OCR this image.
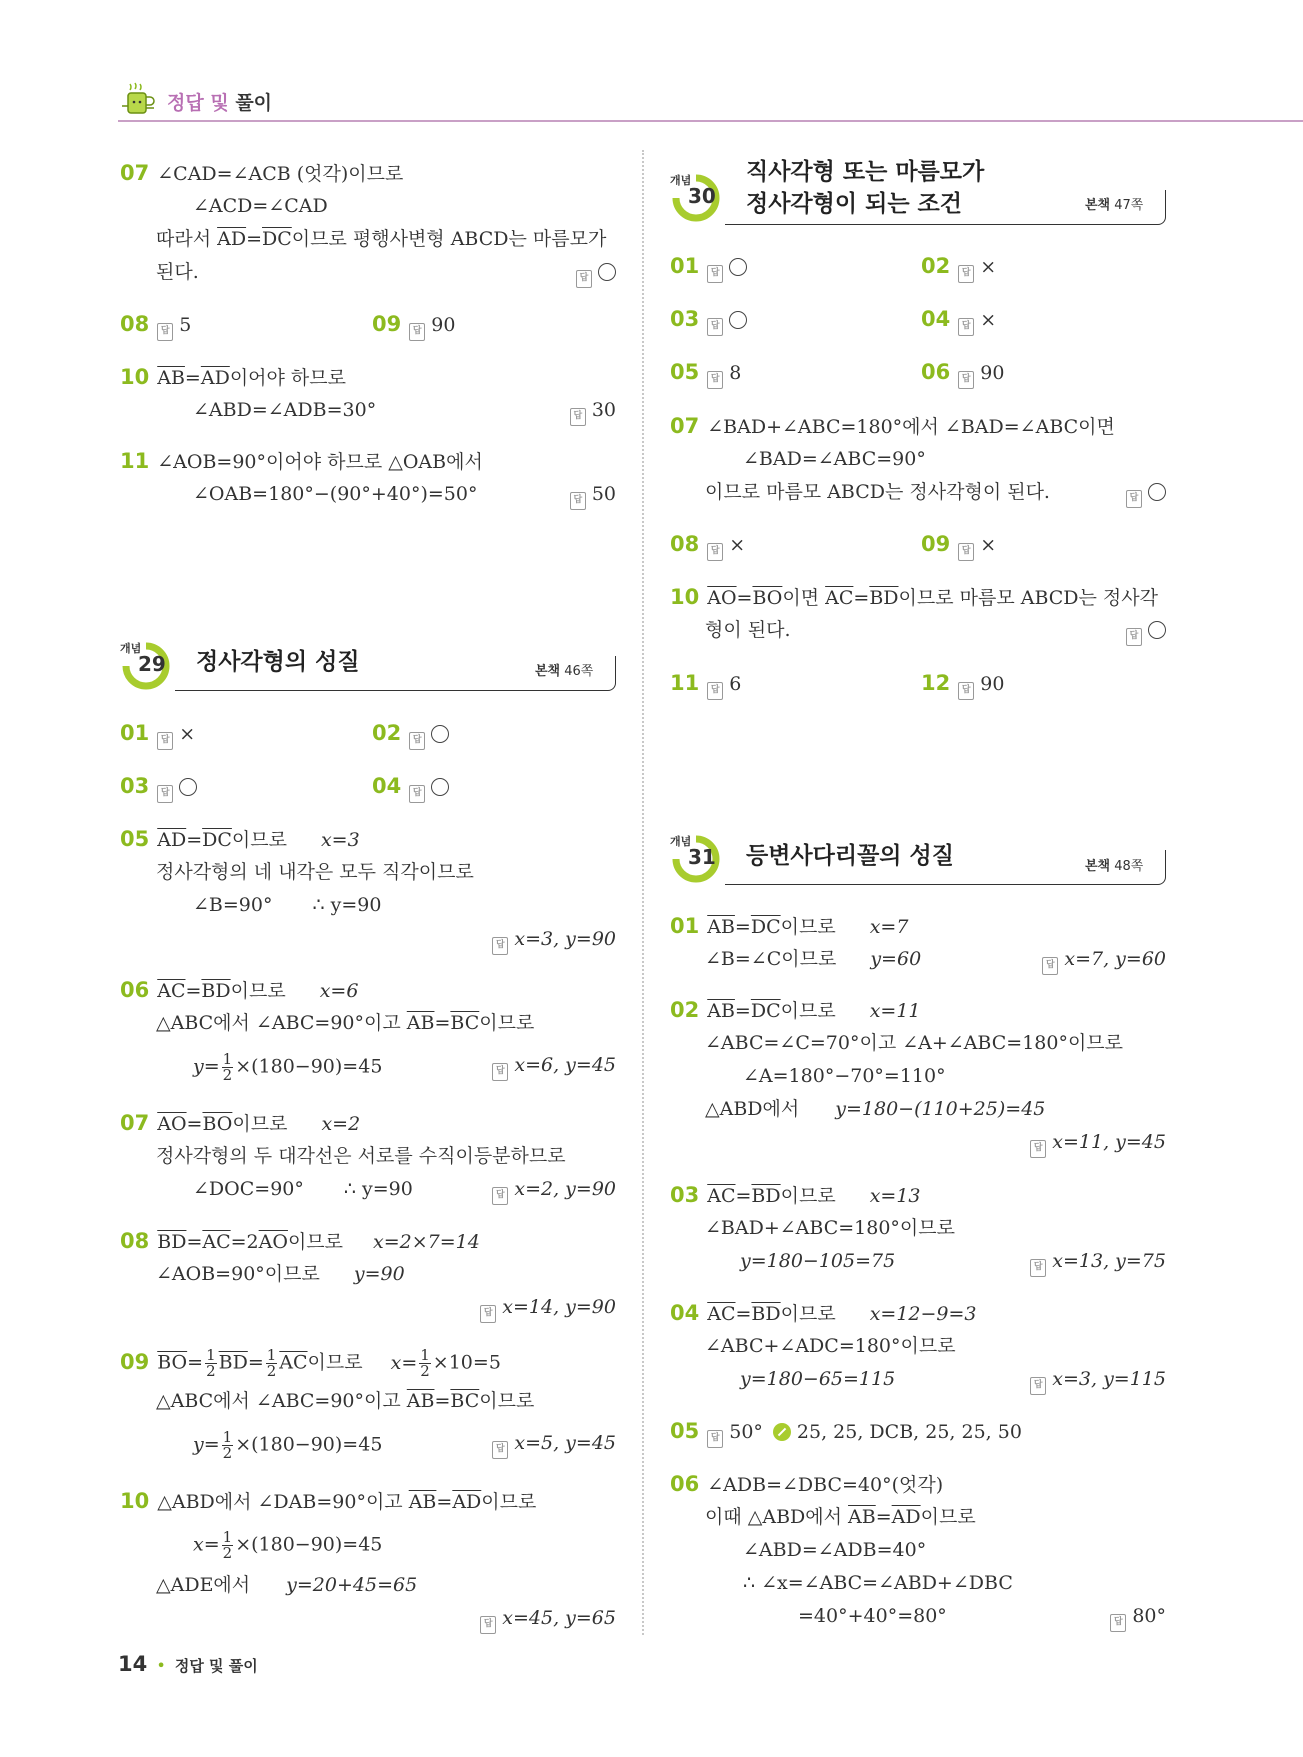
정답 및 풀이
07 ∠CAD=∠ACB (엇각)이므로
∠ACD=∠CAD
따라서 $\overline{AD}=\overline{DC}$이므로 평행사변형 ABCD는 마름모가
된다.	답
08 답 5	09 답 90
10 $\overline{AB}=\overline{AD}$이어야 하므로
∠ABD=∠ADB=30°	답 30
11 ∠AOB=90°이어야 하므로 △OAB에서
∠OAB=180°−(90°+40°)=50°	답 50
개념
29 정사각형의 성질	본책 46쪽
01 답 ×	02 답
03 답	04 답
05 $\overline{AD}=\overline{DC}$이므로 x=3
정사각형의 네 내각은 모두 직각이므로
∠B=90° ∴ y=90
답 x=3, y=90
06 $\overline{AC}=\overline{BD}$이므로 x=6
△ABC에서 ∠ABC=90°이고 $\overline{AB}=\overline{BC}$이므로
$y= \frac{1}{2} \times(180-90)=45$	답 x=6, y=45
07 $\overline{AO}=\overline{BO}$이므로 x=2
정사각형의 두 대각선은 서로를 수직이등분하므로
∠DOC=90° ∴ y=90	답 x=2, y=90
08 $\overline{BD}=\overline{AC}=2\overline{AO}$이므로 x=2×7=14
∠AOB=90°이므로 y=90
답 x=14, y=90
09 $\overline{BO}= \frac{1}{2} \overline{BD}= \frac{1}{2} \overline{AC}$이므로 $x= \frac{1}{2} \times 10=5$
△ABC에서 ∠ABC=90°이고 $\overline{AB}=\overline{BC}$이므로
$y= \frac{1}{2} \times(180-90)=45$	답 x=5, y=45
10 △ABD에서 ∠DAB=90°이고 $\overline{AB}=\overline{AD}$이므로
$x= \frac{1}{2} \times(180-90)=45$
△ADE에서 y=20+45=65
답 x=45, y=65
개념
30
직사각형 또는 마름모가
정사각형이 되는 조건	본책 47쪽
01 답	02 답 ×
03 답	04 답 ×
05 답 8	06 답 90
07 ∠BAD+∠ABC=180°에서 ∠BAD=∠ABC이면
∠BAD=∠ABC=90°
이므로 마름모 ABCD는 정사각형이 된다.	답
08 답 ×	09 답 ×
10 $\overline{AO}=\overline{BO}$이면 $\overline{AC}=\overline{BD}$이므로 마름모 ABCD는 정사각
형이 된다.	답
11 답 6	12 답 90
개념
31 등변사다리꼴의 성질	본책 48쪽
01 $\overline{AB}=\overline{DC}$이므로 x=7
∠B=∠C이므로 y=60	답 x=7, y=60
02 $\overline{AB}=\overline{DC}$이므로 x=11
∠ABC=∠C=70°이고 ∠A+∠ABC=180°이므로
∠A=180°−70°=110°
△ABD에서 y=180−(110+25)=45
답 x=11, y=45
03 $\overline{AC}=\overline{BD}$이므로 x=13
∠BAD+∠ABC=180°이므로
y=180−105=75	답 x=13, y=75
04 $\overline{AC}=\overline{BD}$이므로 x=12−9=3
∠ABC+∠ADC=180°이므로
y=180−65=115	답 x=3, y=115
05 답 50° 25, 25, DCB, 25, 25, 50
06 ∠ADB=∠DBC=40°(엇각)
이때 △ABD에서 $\overline{AB}=\overline{AD}$이므로
∠ABD=∠ADB=40°
∴ ∠x=∠ABC=∠ABD+∠DBC
=40°+40°=80°	답 80°
14 • 정답 및 풀이
